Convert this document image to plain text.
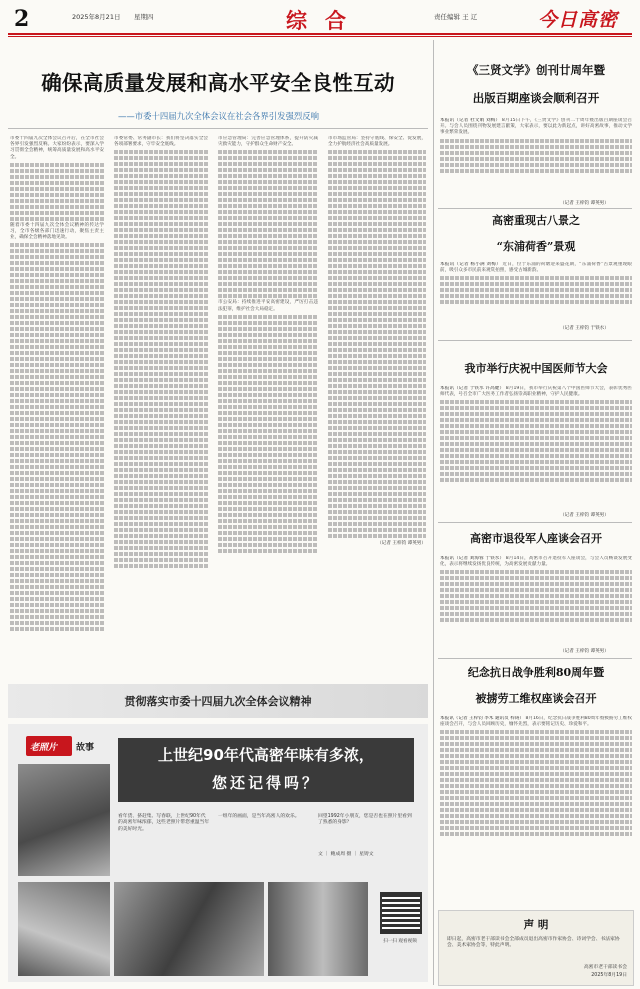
2	2025年8月21日 星期四	综合	责任编辑 王 辽	今日高密
确保高质量发展和高水平安全良性互动
——市委十四届九次全体会议在社会各界引发强烈反响
市委十四届九次全体会议召开后，在全市社会各界引发强烈反响。大家纷纷表示，要深入学习贯彻全会精神，统筹高质量发展和高水平安全。
随着市委十四届九次全体会议精神的传达学习，全市各级各部门迅速行动，聚焦主责主业，确保全会精神落地见效。
市委常委、常务副市长：我们将坚决落实全会各项部署要求，守牢安全底线。
市应急管理局：完善应急管理体系，提升防灾减灾救灾能力，守护群众生命财产安全。
市公安局：持续推进平安高密建设，严厉打击违法犯罪，维护社会大局稳定。
市市场监管局：坚持守底线、保安全、促发展，全力护航经济社会高质量发展。
（记者 王梓钧 谭英男）
贯彻落实市委十四届九次全体会议精神
老照片 故事	上世纪90年代高密年味有多浓，
您还记得吗？
看年货、挤赶集、写春联，上世纪90年代的高密年味浓郁，这些老照片带您重温当年的美好时光。
一组年的画面，是当年高密人的欢乐。	回望1992年小朋友，您是否也在照片里看到了熟悉的身影？
文 ｜ 鲍成周 摄 ｜ 星铸文
扫一扫 观看视频
《三贤文学》创刊廿周年暨
出版百期座谈会顺利召开
本报讯（记者 杜文娟 刘梅） 8月15日下午，《三贤文学》创刊二十周年暨出版百期座谈会召开。与会人员围绕刊物发展建言献策，大家表示，要以此为新起点，讲好高密故事，推动文学事业繁荣发展。
（记者 王梓钧 谭英男）
高密重现古八景之
“东浦荷香”景观
本报讯（记者 杨小满 刘梅） 近日，位于东浦的荷塘迎来盛花期，“东浦荷香”古景观重现眼前，吸引众多市民前来观赏拍照，感受古城新韵。
（记者 王梓钧 于铁水）
我市举行庆祝中国医师节大会
本报讯（记者 于铁水 许高婕） 8月19日，我市举行庆祝第八个中国医师节大会，表彰优秀医师代表，号召全市广大医务工作者弘扬崇高职业精神，守护人民健康。
（记者 王梓钧 谭英男）
高密市退役军人座谈会召开
本报讯（记者 刘海蓉 于铁水） 8月14日，高密市召开退役军人座谈会，与会人员畅谈发展变化，表示将继续发扬优良传统，为高密发展贡献力量。
（记者 王梓钧 谭英男）
纪念抗日战争胜利80周年暨
被掳劳工维权座谈会召开
本报讯（记者 王梓钧 李术 通讯员 梓铸） 8月16日，纪念抗日战争胜利80周年暨被掳劳工维权座谈会召开，与会人员回顾历史，缅怀先烈，表示要铭记历史、珍爱和平。
声 明
即日起，高密市老干部读书会全部成员退出高密市作家协会、诗词学会、书法家协会、美术家协会等，特此声明。
高密市老干部读书会
2025年8月19日
